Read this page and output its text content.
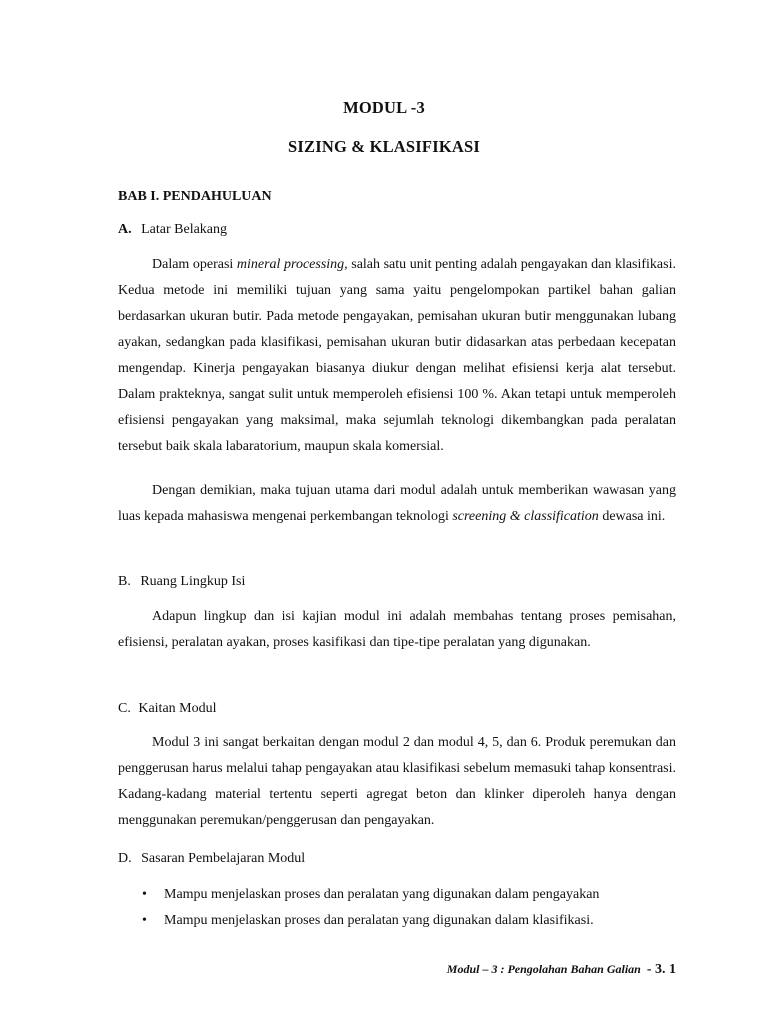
MODUL -3
SIZING & KLASIFIKASI
BAB I. PENDAHULUAN
A. Latar Belakang

Dalam operasi mineral processing, salah satu unit penting adalah pengayakan dan klasifikasi. Kedua metode ini memiliki tujuan yang sama yaitu pengelompokan partikel bahan galian berdasarkan ukuran butir. Pada metode pengayakan, pemisahan ukuran butir menggunakan lubang ayakan, sedangkan pada klasifikasi, pemisahan ukuran butir didasarkan atas perbedaan kecepatan mengendap. Kinerja pengayakan biasanya diukur dengan melihat efisiensi kerja alat tersebut. Dalam prakteknya, sangat sulit untuk memperoleh efisiensi 100 %. Akan tetapi untuk memperoleh efisiensi pengayakan yang maksimal, maka sejumlah teknologi dikembangkan pada peralatan tersebut baik skala labaratorium, maupun skala komersial.

Dengan demikian, maka tujuan utama dari modul adalah untuk memberikan wawasan yang luas kepada mahasiswa mengenai perkembangan teknologi screening & classification dewasa ini.

B. Ruang Lingkup Isi

Adapun lingkup dan isi kajian modul ini adalah membahas tentang proses pemisahan, efisiensi, peralatan ayakan, proses kasifikasi dan tipe-tipe peralatan yang digunakan.

C. Kaitan Modul

Modul 3 ini sangat berkaitan dengan modul 2 dan modul 4, 5, dan 6. Produk peremukan dan penggerusan harus melalui tahap pengayakan atau klasifikasi sebelum memasuki tahap konsentrasi. Kadang-kadang material tertentu seperti agregat beton dan klinker diperoleh hanya dengan menggunakan peremukan/penggerusan dan pengayakan.

D. Sasaran Pembelajaran Modul
• Mampu menjelaskan proses dan peralatan yang digunakan dalam pengayakan
• Mampu menjelaskan proses dan peralatan yang digunakan dalam klasifikasi.
Modul – 3 : Pengolahan Bahan Galian - 3. 1
